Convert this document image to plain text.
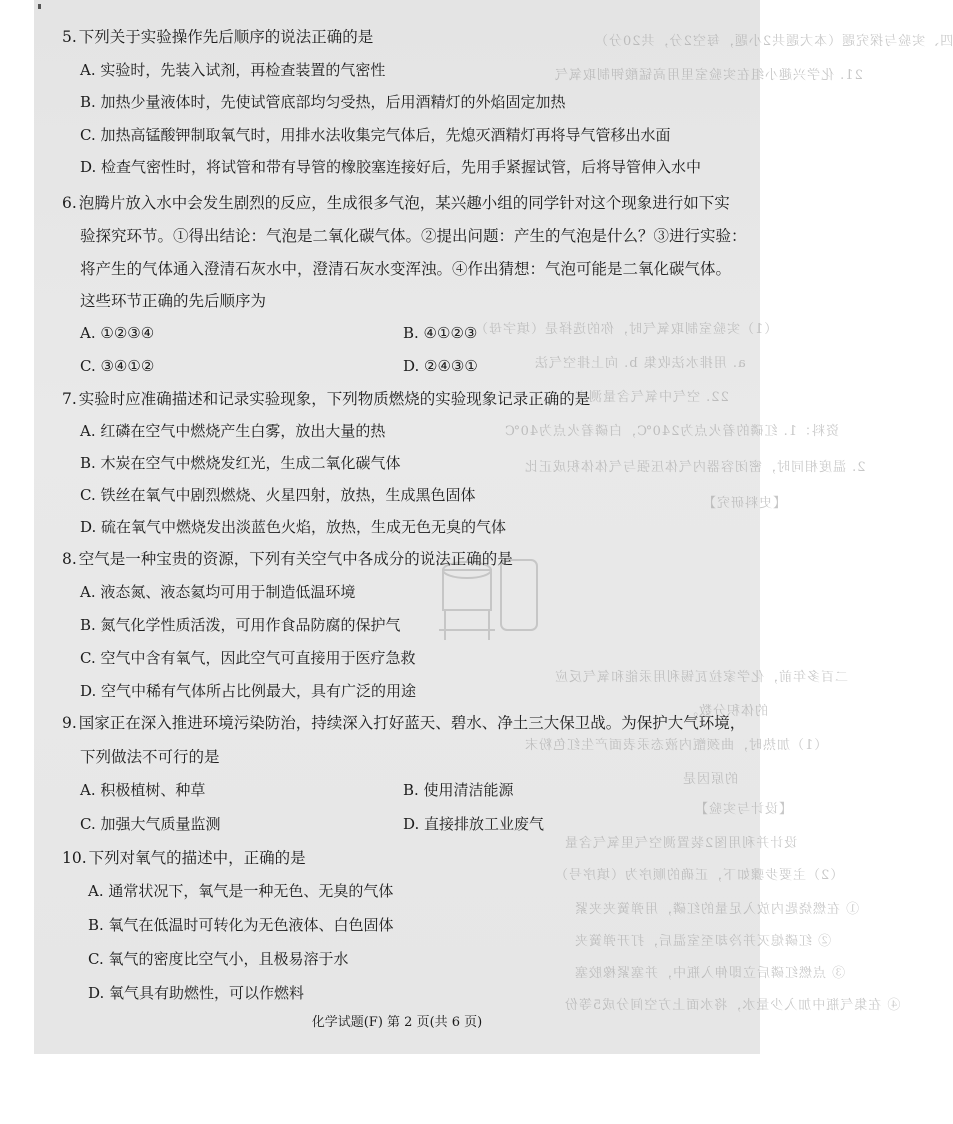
四、实验与探究题（本大题共2小题，每空2分，共20分）
21. 化学兴趣小组在实验室里用高锰酸钾制取氧气
（1）实验室制取氧气时，你的选择是（填字母）
a. 用排水法收集 b. 向上排空气法
22. 空气中氧气含量测定
资料：1. 红磷的着火点为240℃，白磷着火点为40℃
2. 温度相同时，密闭容器内气体压强与气体体积成正比
【史料研究】
二百多年前，化学家拉瓦锡利用汞能和氧气反应
的体积分数。
（1）加热时，曲颈甑内液态汞表面产生红色粉末
的原因是
【设计与实验】
设计并利用图2装置测空气里氧气含量
（2）主要步骤如下，正确的顺序为（填序号）
① 在燃烧匙内放入足量的红磷，用弹簧夹夹紧
② 红磷熄灭并冷却至室温后，打开弹簧夹
③ 点燃红磷后立即伸入瓶中，并塞紧橡胶塞
④ 在集气瓶中加入少量水，将水面上方空间分成5等份
5. 下列关于实验操作先后顺序的说法正确的是
A. 实验时，先装入试剂，再检查装置的气密性
B. 加热少量液体时，先使试管底部均匀受热，后用酒精灯的外焰固定加热
C. 加热高锰酸钾制取氧气时，用排水法收集完气体后，先熄灭酒精灯再将导气管移出水面
D. 检查气密性时，将试管和带有导管的橡胶塞连接好后，先用手紧握试管，后将导管伸入水中
6. 泡腾片放入水中会发生剧烈的反应，生成很多气泡，某兴趣小组的同学针对这个现象进行如下实
验探究环节。①得出结论：气泡是二氧化碳气体。②提出问题：产生的气泡是什么？③进行实验：
将产生的气体通入澄清石灰水中，澄清石灰水变浑浊。④作出猜想：气泡可能是二氧化碳气体。
这些环节正确的先后顺序为
A. ①②③④	B. ④①②③
C. ③④①②	D. ②④③①
7. 实验时应准确描述和记录实验现象，下列物质燃烧的实验现象记录正确的是
A. 红磷在空气中燃烧产生白雾，放出大量的热
B. 木炭在空气中燃烧发红光，生成二氧化碳气体
C. 铁丝在氧气中剧烈燃烧、火星四射，放热，生成黑色固体
D. 硫在氧气中燃烧发出淡蓝色火焰，放热，生成无色无臭的气体
8. 空气是一种宝贵的资源，下列有关空气中各成分的说法正确的是
A. 液态氮、液态氦均可用于制造低温环境
B. 氮气化学性质活泼，可用作食品防腐的保护气
C. 空气中含有氧气，因此空气可直接用于医疗急救
D. 空气中稀有气体所占比例最大，具有广泛的用途
9. 国家正在深入推进环境污染防治，持续深入打好蓝天、碧水、净土三大保卫战。为保护大气环境，
下列做法不可行的是
A. 积极植树、种草	B. 使用清洁能源
C. 加强大气质量监测	D. 直接排放工业废气
10. 下列对氧气的描述中，正确的是
A. 通常状况下，氧气是一种无色、无臭的气体
B. 氧气在低温时可转化为无色液体、白色固体
C. 氧气的密度比空气小，且极易溶于水
D. 氧气具有助燃性，可以作燃料
化学试题(F) 第 2 页(共 6 页)
